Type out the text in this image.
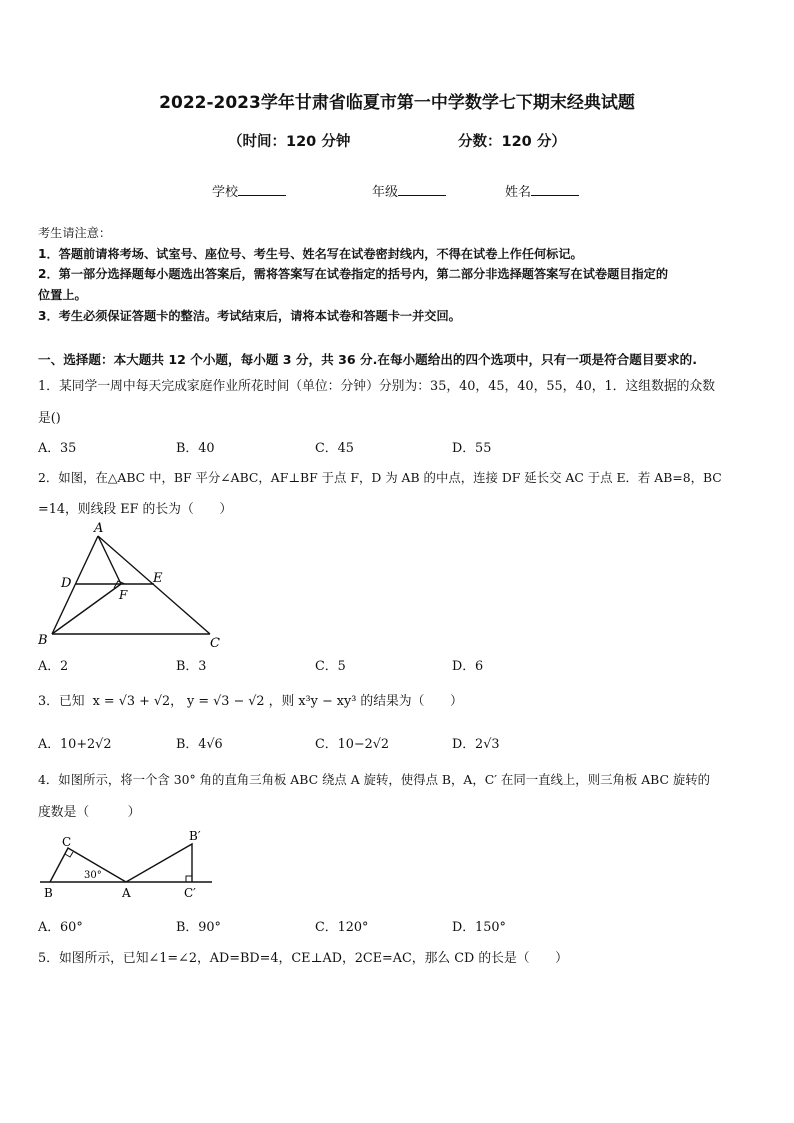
2022-2023学年甘肃省临夏市第一中学数学七下期末经典试题
（时间：120 分钟	分数：120 分）
学校	年级	姓名
考生请注意：
1．答题前请将考场、试室号、座位号、考生号、姓名写在试卷密封线内，不得在试卷上作任何标记。
2．第一部分选择题每小题选出答案后，需将答案写在试卷指定的括号内，第二部分非选择题答案写在试卷题目指定的
位置上。
3．考生必须保证答题卡的整洁。考试结束后，请将本试卷和答题卡一并交回。
一、选择题：本大题共 12 个小题，每小题 3 分，共 36 分.在每小题给出的四个选项中，只有一项是符合题目要求的.
1．某同学一周中每天完成家庭作业所花时间（单位：分钟）分别为：35，40，45，40，55，40，1．这组数据的众数
是()
A．35	B．40	C．45	D．55
2．如图，在△ABC 中，BF 平分∠ABC，AF⊥BF 于点 F，D 为 AB 的中点，连接 DF 延长交 AC 于点 E．若 AB=8，BC
=14，则线段 EF 的长为（　　）
A
D	E
F
B	C
A．2	B．3	C．5	D．6
3．已知 x = √3 + √2， y = √3 − √2 ，则 x³y − xy³ 的结果为（　　）
A．10+2√2	B．4√6	C．10−2√2	D．2√3
4．如图所示，将一个含 30° 角的直角三角板 ABC 绕点 A 旋转，使得点 B，A，C′ 在同一直线上，则三角板 ABC 旋转的
度数是（　　　）
C
B
30°
A
B′
C′
A．60°	B．90°	C．120°	D．150°
5．如图所示，已知∠1=∠2，AD=BD=4，CE⊥AD，2CE=AC，那么 CD 的长是（　　）
